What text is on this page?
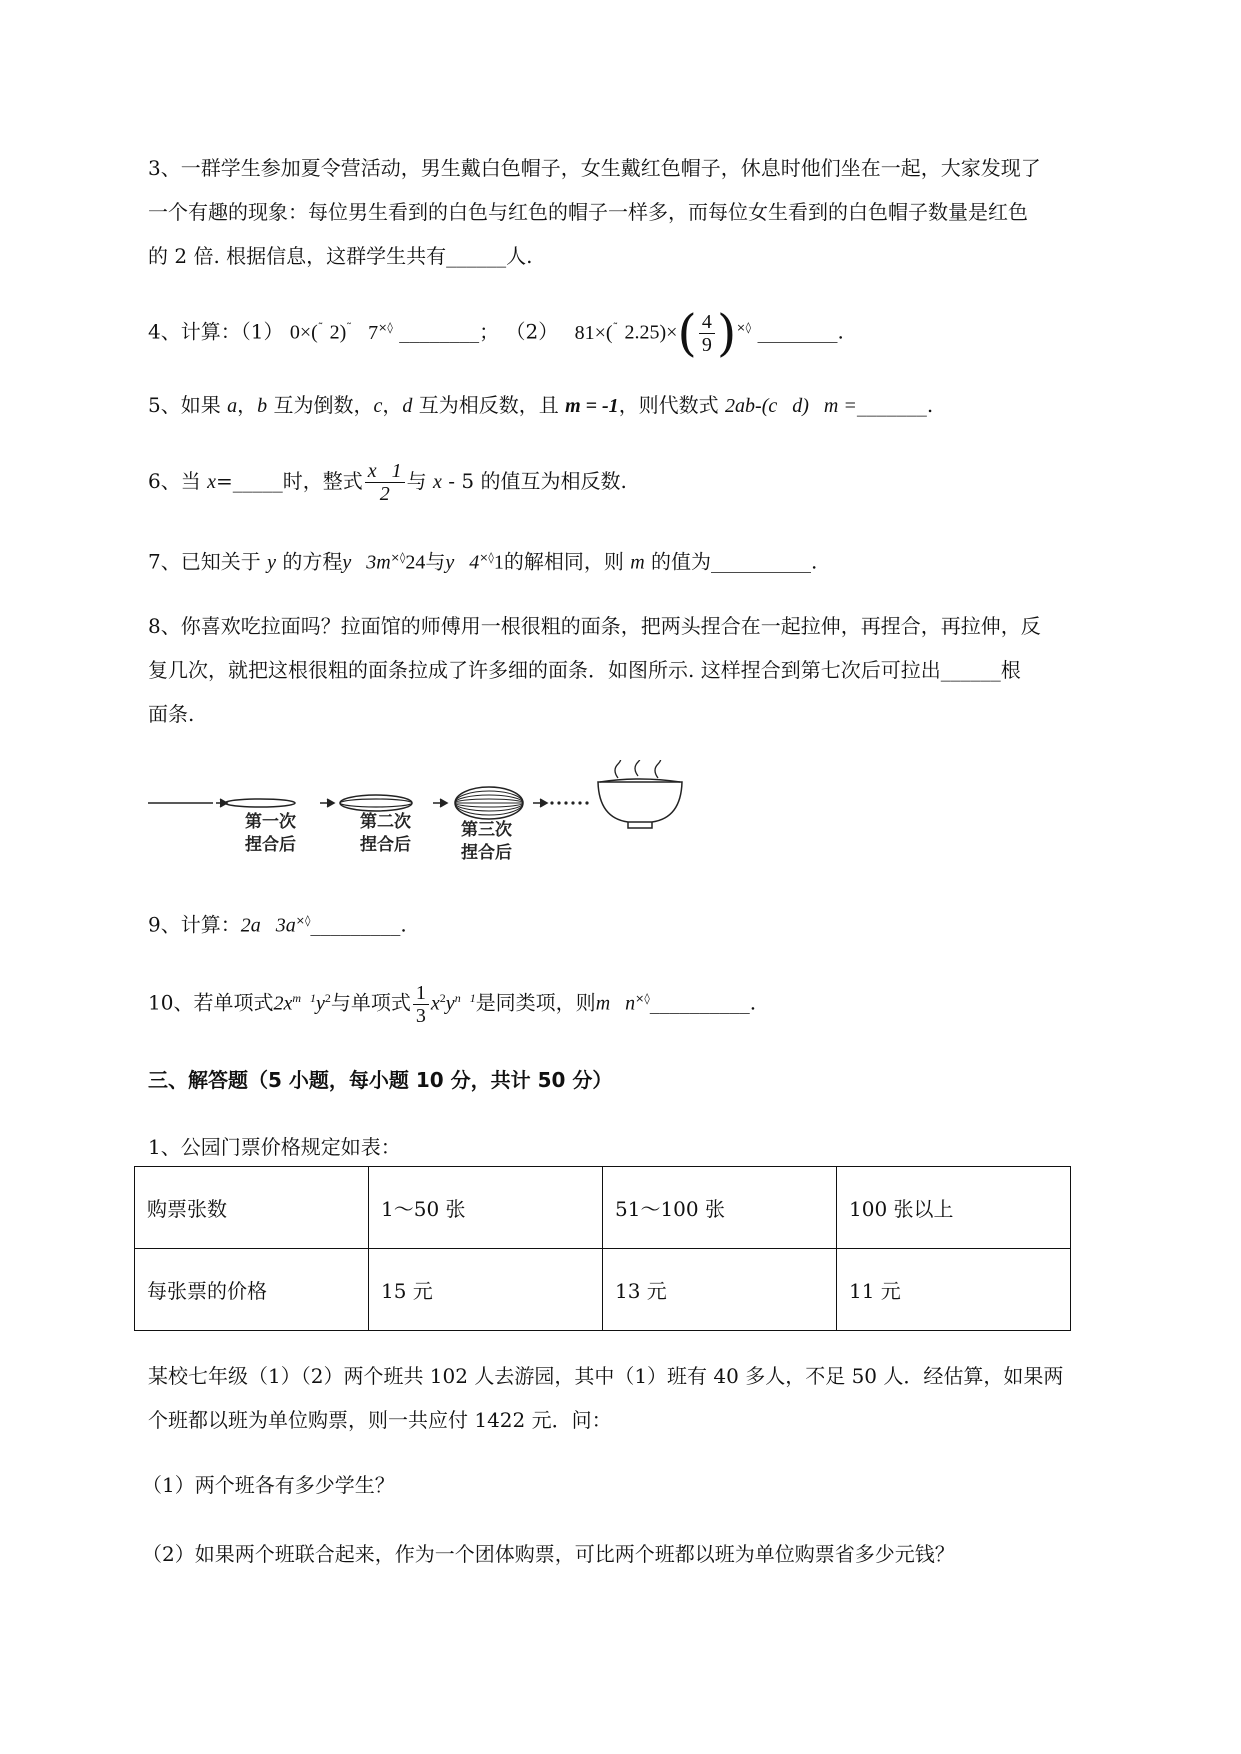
3、一群学生参加夏令营活动，男生戴白色帽子，女生戴红色帽子，休息时他们坐在一起，大家发现了
一个有趣的现象：每位男生看到的白色与红色的帽子一样多，而每位女生看到的白色帽子数量是红色
的 2 倍. 根据信息，这群学生共有______人.
4、计算：（1） 0×(˜ 2)˜ 7×◊ ________； （2） 81×(˜ $2.25)\times( \frac{4}{9} )^{\times◊}$ ________.
5、如果 a，b 互为倒数，c，d 互为相反数，且 m = -1，则代数式 2ab-(c   d)   m =_______.
6、当 x=_____时，整式 $\frac{x 1}{2}$ 与 x - 5 的值互为相反数.
7、已知关于 y 的方程y   3m×◊24与y   4×◊1的解相同，则 m 的值为__________.
8、你喜欢吃拉面吗？拉面馆的师傅用一根很粗的面条，把两头捏合在一起拉伸，再捏合，再拉伸，反
复几次，就把这根很粗的面条拉成了许多细的面条．如图所示. 这样捏合到第七次后可拉出______根
面条.
第一次
捏合后
第二次
捏合后
第三次
捏合后
9、计算：2a   3a×◊_________.
10、若单项式$2x^{m 1}y^2$与单项式 $\frac{1}{3} x^2y^{n 1}$是同类项，则m   n×◊__________.
三、解答题（5 小题，每小题 10 分，共计 50 分）
1、公园门票价格规定如表：
购票张数	1～50 张	51～100 张	100 张以上
每张票的价格	15 元	13 元	11 元
某校七年级（1）（2）两个班共 102 人去游园，其中（1）班有 40 多人，不足 50 人．经估算，如果两
个班都以班为单位购票，则一共应付 1422 元．问：
（1）两个班各有多少学生？
（2）如果两个班联合起来，作为一个团体购票，可比两个班都以班为单位购票省多少元钱？
